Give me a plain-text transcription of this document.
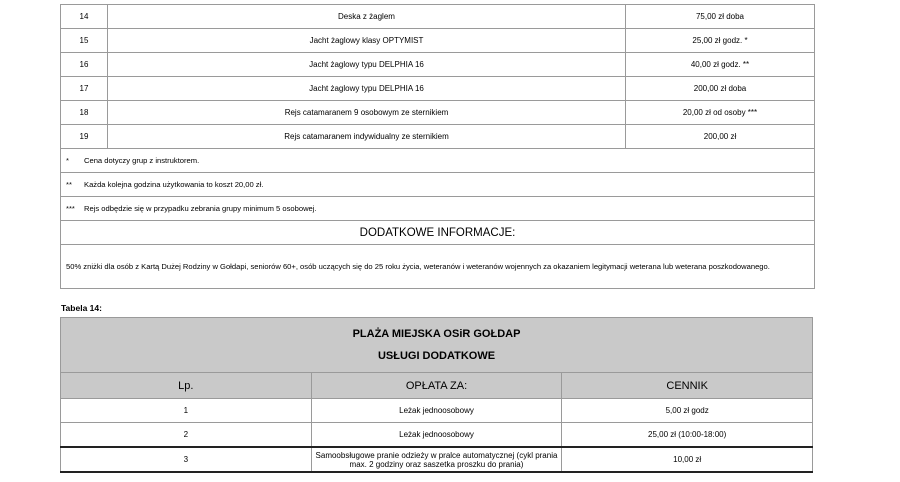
14	Deska z żaglem	75,00 zł doba
15	Jacht żaglowy klasy OPTYMIST	25,00 zł godz. *
16	Jacht żaglowy typu DELPHIA 16	40,00 zł godz. **
17	Jacht żaglowy typu DELPHIA 16	200,00 zł doba
18	Rejs catamaranem 9 osobowym ze sternikiem	20,00 zł od osoby ***
19	Rejs catamaranem indywidualny ze sternikiem	200,00 zł
* Cena dotyczy grup z instruktorem.		
** Każda kolejna godzina użytkowania to koszt 20,00 zł.		
*** Rejs odbędzie się w przypadku zebrania grupy minimum 5 osobowej.		
DODATKOWE INFORMACJE:		
50% zniżki dla osób z Kartą Dużej Rodziny w Gołdapi, seniorów 60+, osób uczących się do 25 roku życia, weteranów i weteranów wojennych za okazaniem legitymacji weterana lub weterana poszkodowanego.		
Tabela 14:
PLAŻA MIEJSKA OSiR GOŁDAP
USŁUGI DODATKOWE		

Lp.	OPŁATA ZA:	CENNIK
1	Leżak jednoosobowy	5,00 zł godz
2	Leżak jednoosobowy	25,00 zł (10:00-18:00)
3	Samoobsługowe pranie odzieży w pralce automatycznej (cykl prania max. 2 godziny oraz saszetka proszku do prania)	10,00 zł
